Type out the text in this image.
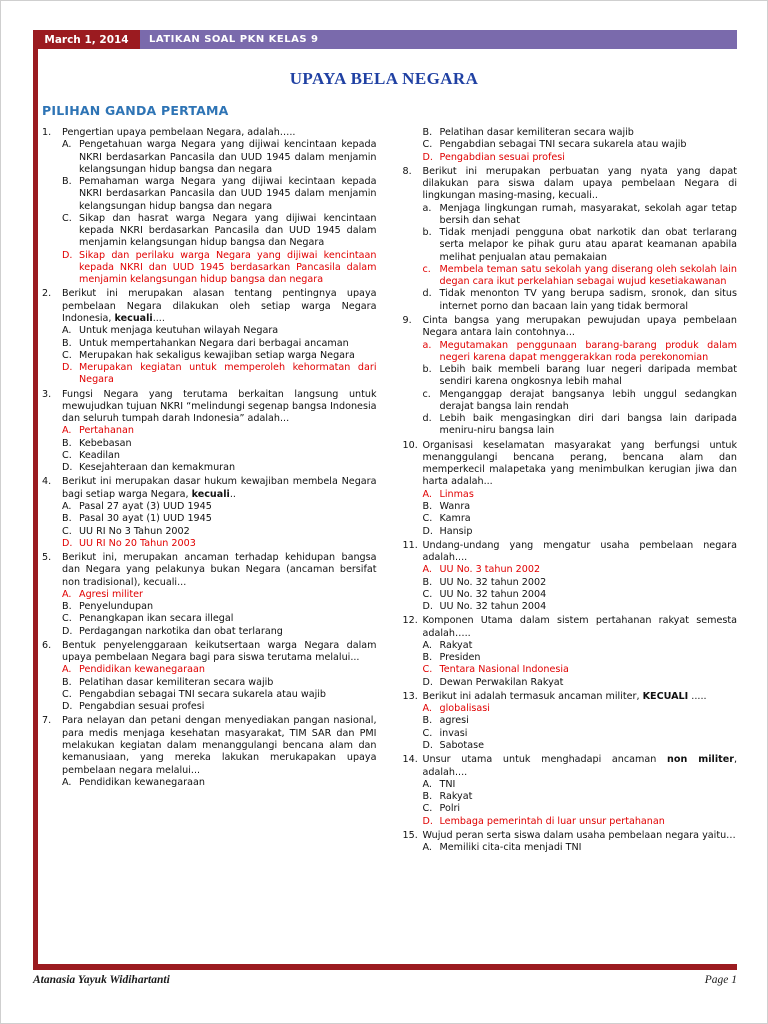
March 1, 2014	LATIKAN SOAL PKN KELAS 9
UPAYA BELA NEGARA
PILIHAN GANDA PERTAMA
1.	Pengertian upaya pembelaan Negara, adalah…..
A. Pengetahuan warga Negara yang dijiwai kencintaan kepada NKRI berdasarkan Pancasila dan UUD 1945 dalam menjamin kelangsungan hidup bangsa dan negara
B. Pemahaman warga Negara yang dijiwai kecintaan kepada NKRI berdasarkan Pancasila dan UUD 1945 dalam menjamin kelangsungan hidup bangsa dan negara
C. Sikap dan hasrat warga Negara yang dijiwai kencintaan kepada NKRI berdasarkan Pancasila dan UUD 1945 dalam menjamin kelangsungan hidup bangsa dan Negara
D. Sikap dan perilaku warga Negara yang dijiwai kencintaan kepada NKRI dan UUD 1945 berdasarkan Pancasila dalam menjamin kelangsungan hidup bangsa dan negara
2.	Berikut ini merupakan alasan tentang pentingnya upaya pembelaan Negara dilakukan oleh setiap warga Negara Indonesia, kecuali....
A. Untuk menjaga keutuhan wilayah Negara
B. Untuk mempertahankan Negara dari berbagai ancaman
C. Merupakan hak sekaligus kewajiban setiap warga Negara
D. Merupakan kegiatan untuk memperoleh kehormatan dari Negara
3.	Fungsi Negara yang terutama berkaitan langsung untuk mewujudkan tujuan NKRI “melindungi segenap bangsa Indonesia dan seluruh tumpah darah Indonesia” adalah...
A. Pertahanan
B. Kebebasan
C. Keadilan
D. Kesejahteraan dan kemakmuran
4.	Berikut ini merupakan dasar hukum kewajiban membela Negara bagi setiap warga Negara, kecuali..
A. Pasal 27 ayat (3) UUD 1945
B. Pasal 30 ayat (1) UUD 1945
C. UU RI No 3 Tahun 2002
D. UU RI No 20 Tahun 2003
5.	Berikut ini, merupakan ancaman terhadap kehidupan bangsa dan Negara yang pelakunya bukan Negara (ancaman bersifat non tradisional), kecuali...
A. Agresi militer
B. Penyelundupan
C. Penangkapan ikan secara illegal
D. Perdagangan narkotika dan obat terlarang
6.	Bentuk penyelenggaraan keikutsertaan warga Negara dalam upaya pembelaan Negara bagi para siswa terutama melalui...
A. Pendidikan kewanegaraan
B. Pelatihan dasar kemiliteran secara wajib
C. Pengabdian sebagai TNI secara sukarela atau wajib
D. Pengabdian sesuai profesi
7.	Para nelayan dan petani dengan menyediakan pangan nasional, para medis menjaga kesehatan masyarakat, TIM SAR dan PMI melakukan kegiatan dalam menanggulangi bencana alam dan kemanusiaan, yang mereka lakukan merukapakan upaya pembelaan negara melalui...
A. Pendidikan kewanegaraan
B. Pelatihan dasar kemiliteran secara wajib
C. Pengabdian sebagai TNI secara sukarela atau wajib
D. Pengabdian sesuai profesi
8.	Berikut ini merupakan perbuatan yang nyata yang dapat dilakukan para siswa dalam upaya pembelaan Negara di lingkungan masing-masing, kecuali..
a. Menjaga lingkungan rumah, masyarakat, sekolah agar tetap bersih dan sehat
b. Tidak menjadi pengguna obat narkotik dan obat terlarang serta melapor ke pihak guru atau aparat keamanan apabila melihat penjualan atau pemakaian
c. Membela teman satu sekolah yang diserang oleh sekolah lain degan cara ikut perkelahian sebagai wujud kesetiakawanan
d. Tidak menonton TV yang berupa sadism, sronok, dan situs internet porno dan bacaan lain yang tidak bermoral
9.	Cinta bangsa yang merupakan pewujudan upaya pembelaan Negara antara lain contohnya...
a. Megutamakan penggunaan barang-barang produk dalam negeri karena dapat menggerakkan roda perekonomian
b. Lebih baik membeli barang luar negeri daripada membat sendiri karena ongkosnya lebih mahal
c. Menganggap derajat bangsanya lebih unggul sedangkan derajat bangsa lain rendah
d. Lebih baik mengasingkan diri dari bangsa lain daripada meniru-niru bangsa lain
10. Organisasi keselamatan masyarakat yang berfungsi untuk menanggulangi bencana perang, bencana alam dan memperkecil malapetaka yang menimbulkan kerugian jiwa dan harta adalah...
A. Linmas
B. Wanra
C. Kamra
D. Hansip
11. Undang-undang yang mengatur usaha pembelaan negara adalah....
A. UU No. 3 tahun 2002
B. UU No. 32 tahun 2002
C. UU No. 32 tahun 2004
D. UU No. 32 tahun 2004
12. Komponen Utama dalam sistem pertahanan rakyat semesta adalah…..
A. Rakyat
B. Presiden
C. Tentara Nasional Indonesia
D. Dewan Perwakilan Rakyat
13. Berikut ini adalah termasuk ancaman militer, KECUALI .....
A. globalisasi
B. agresi
C. invasi
D. Sabotase
14. Unsur utama untuk menghadapi ancaman non militer, adalah....
A. TNI
B. Rakyat
C. Polri
D. Lembaga pemerintah di luar unsur pertahanan
15. Wujud peran serta siswa dalam usaha pembelaan negara yaitu…
A. Memiliki cita-cita menjadi TNI
Atanasia Yayuk Widihartanti	Page 1
